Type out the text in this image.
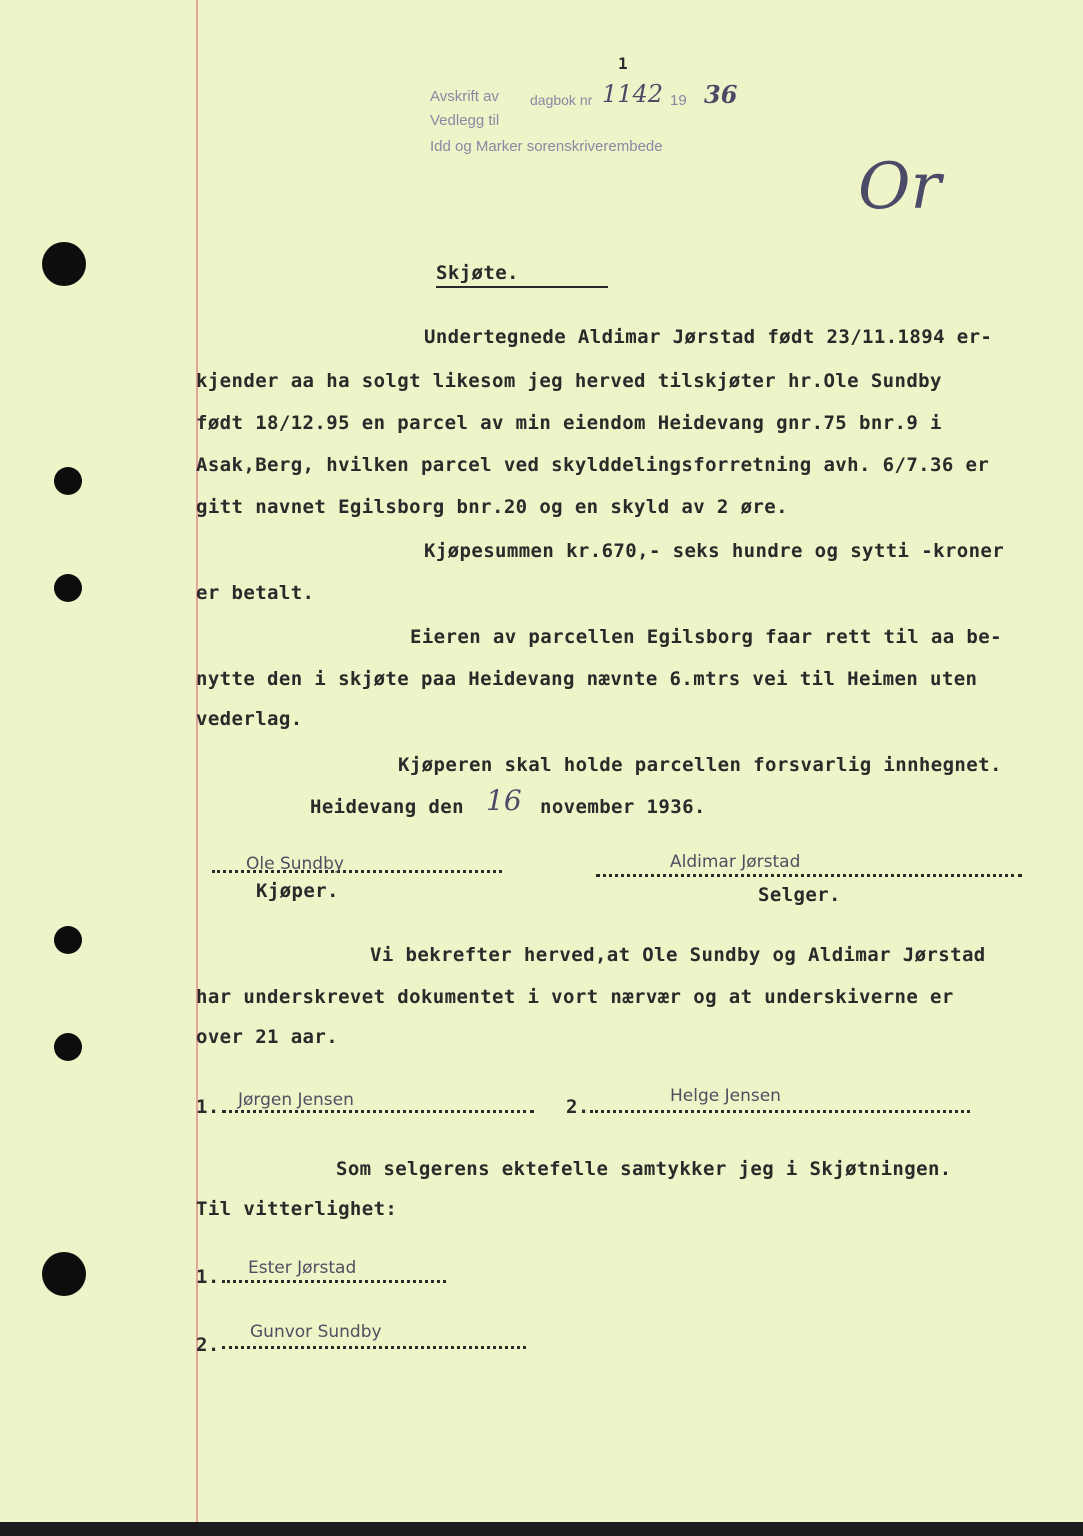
1
Avskrift av dagbok nr 1142 19 36
Vedlegg til
Idd og Marker sorenskriverembede
Or
Skjøte.
Undertegnede Aldimar Jørstad født 23/11.1894 er-
kjender aa ha solgt likesom jeg herved tilskjøter hr.Ole Sundby
født 18/12.95 en parcel av min eiendom Heidevang gnr.75 bnr.9 i
Asak,Berg, hvilken parcel ved skylddelingsforretning avh. 6/7.36 er
gitt navnet Egilsborg bnr.20 og en skyld av 2 øre.
Kjøpesummen kr.670,- seks hundre og sytti -kroner
er betalt.
Eieren av parcellen Egilsborg faar rett til aa be-
nytte den i skjøte paa Heidevang nævnte 6.mtrs vei til Heimen uten
vederlag.
Kjøperen skal holde parcellen forsvarlig innhegnet.
Heidevang den 16 november 1936.
Ole Sundby
Kjøper.
Aldimar Jørstad
Selger.
Vi bekrefter herved,at Ole Sundby og Aldimar Jørstad
har underskrevet dokumentet i vort nærvær og at underskiverne er
over 21 aar.
1. Jørgen Jensen	2.	Helge Jensen
Som selgerens ektefelle samtykker jeg i Skjøtningen.
Til vitterlighet:
1. Ester Jørstad
2.
Gunvor Sundby
